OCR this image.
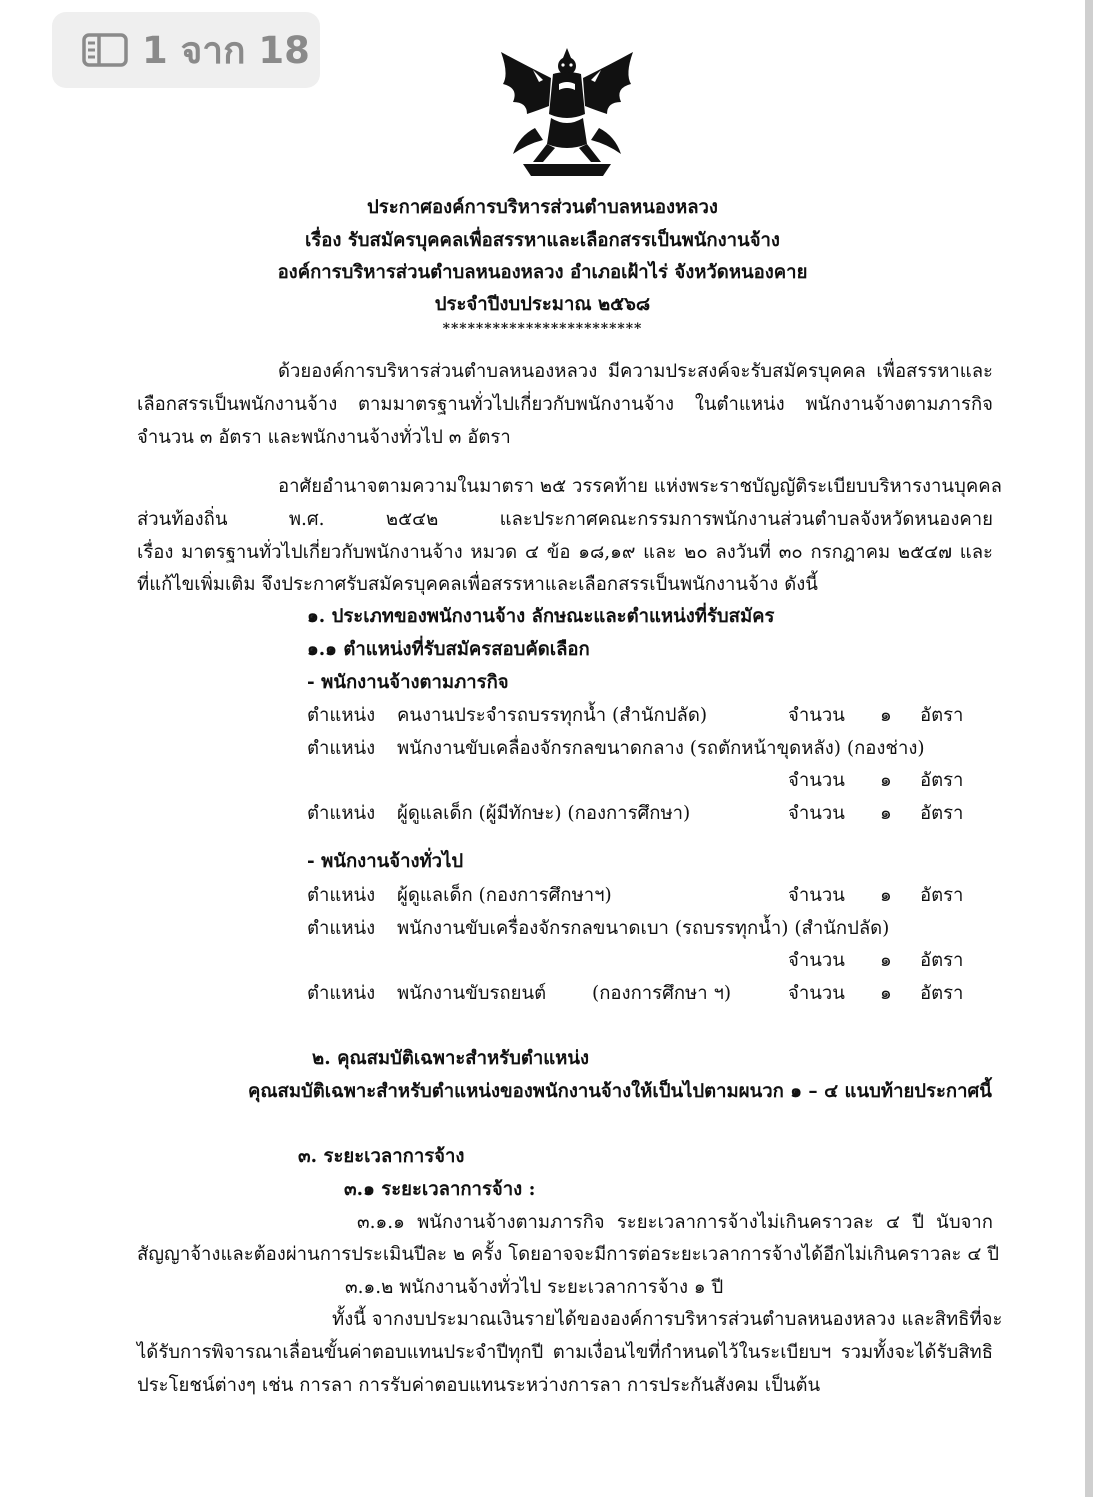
1 จาก 18
ประกาศองค์การบริหารส่วนตำบลหนองหลวง
เรื่อง รับสมัครบุคคลเพื่อสรรหาและเลือกสรรเป็นพนักงานจ้าง
องค์การบริหารส่วนตำบลหนองหลวง อำเภอเฝ้าไร่ จังหวัดหนองคาย
ประจำปีงบประมาณ ๒๕๖๘
************************
ด้วยองค์การบริหารส่วนตำบลหนองหลวง มีความประสงค์จะรับสมัครบุคคล เพื่อสรรหาและ
เลือกสรรเป็นพนักงานจ้าง ตามมาตรฐานทั่วไปเกี่ยวกับพนักงานจ้าง ในตำแหน่ง พนักงานจ้างตามภารกิจ
จำนวน ๓ อัตรา และพนักงานจ้างทั่วไป ๓ อัตรา
อาศัยอำนาจตามความในมาตรา ๒๕ วรรคท้าย แห่งพระราชบัญญัติระเบียบบริหารงานบุคคล
ส่วนท้องถิ่น พ.ศ. ๒๕๔๒ และประกาศคณะกรรมการพนักงานส่วนตำบลจังหวัดหนองคาย
เรื่อง มาตรฐานทั่วไปเกี่ยวกับพนักงานจ้าง หมวด ๔ ข้อ ๑๘,๑๙ และ ๒๐ ลงวันที่ ๓๐ กรกฎาคม ๒๕๔๗ และ
ที่แก้ไขเพิ่มเติม จึงประกาศรับสมัครบุคคลเพื่อสรรหาและเลือกสรรเป็นพนักงานจ้าง ดังนี้
๑. ประเภทของพนักงานจ้าง ลักษณะและตำแหน่งที่รับสมัคร
๑.๑ ตำแหน่งที่รับสมัครสอบคัดเลือก
- พนักงานจ้างตามภารกิจ
ตำแหน่ง คนงานประจำรถบรรทุกน้ำ (สำนักปลัด)	จำนวน ๑ อัตรา
ตำแหน่ง พนักงานขับเคลื่องจักรกลขนาดกลาง (รถตักหน้าขุดหลัง) (กองช่าง)
จำนวน ๑ อัตรา
ตำแหน่ง ผู้ดูแลเด็ก (ผู้มีทักษะ) (กองการศึกษา)	จำนวน ๑ อัตรา
- พนักงานจ้างทั่วไป
ตำแหน่ง ผู้ดูแลเด็ก (กองการศึกษาฯ)	จำนวน ๑ อัตรา
ตำแหน่ง พนักงานขับเครื่องจักรกลขนาดเบา (รถบรรทุกน้ำ) (สำนักปลัด)
จำนวน ๑ อัตรา
ตำแหน่ง พนักงานขับรถยนต์ (กองการศึกษา ฯ)	จำนวน ๑ อัตรา
๒. คุณสมบัติเฉพาะสำหรับตำแหน่ง
คุณสมบัติเฉพาะสำหรับตำแหน่งของพนักงานจ้างให้เป็นไปตามผนวก ๑ – ๔ แนบท้ายประกาศนี้
๓. ระยะเวลาการจ้าง
๓.๑ ระยะเวลาการจ้าง :
๓.๑.๑ พนักงานจ้างตามภารกิจ ระยะเวลาการจ้างไม่เกินคราวละ ๔ ปี นับจาก
สัญญาจ้างและต้องผ่านการประเมินปีละ ๒ ครั้ง โดยอาจจะมีการต่อระยะเวลาการจ้างได้อีกไม่เกินคราวละ ๔ ปี
๓.๑.๒ พนักงานจ้างทั่วไป ระยะเวลาการจ้าง ๑ ปี
ทั้งนี้ จากงบประมาณเงินรายได้ขององค์การบริหารส่วนตำบลหนองหลวง และสิทธิที่จะ
ได้รับการพิจารณาเลื่อนขั้นค่าตอบแทนประจำปีทุกปี ตามเงื่อนไขที่กำหนดไว้ในระเบียบฯ รวมทั้งจะได้รับสิทธิ
ประโยชน์ต่างๆ เช่น การลา การรับค่าตอบแทนระหว่างการลา การประกันสังคม เป็นต้น
